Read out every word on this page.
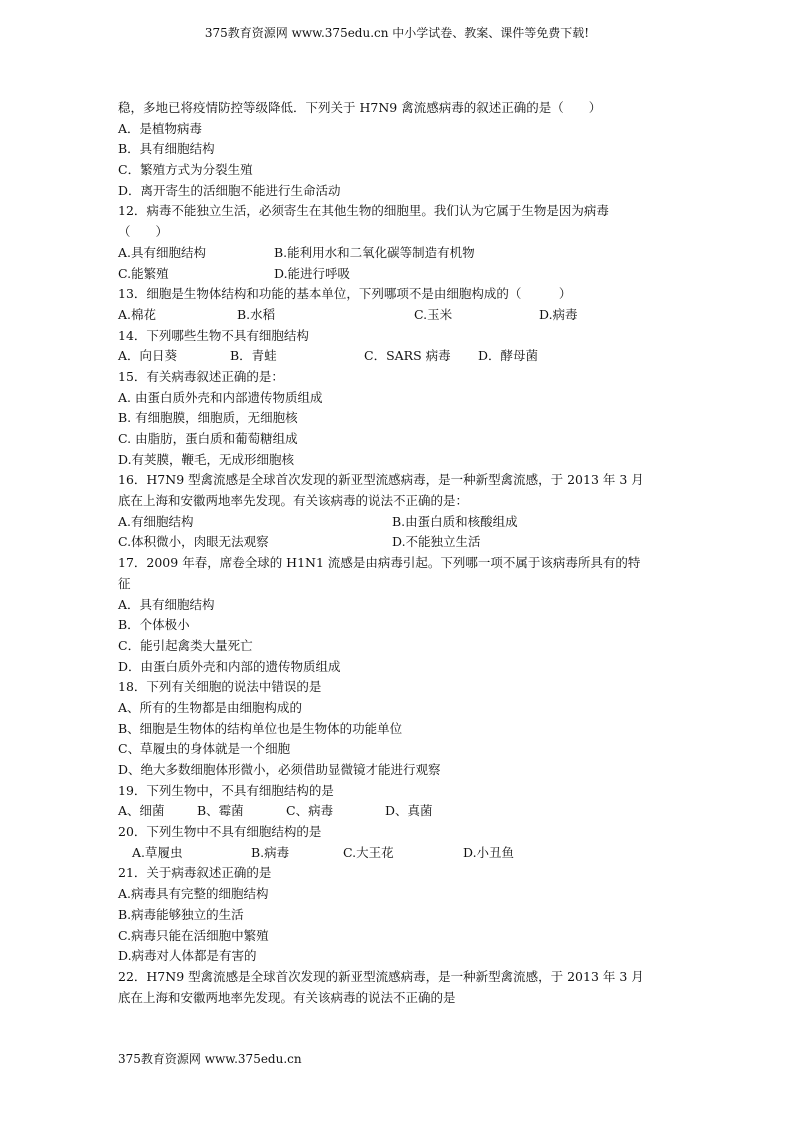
375教育资源网 www.375edu.cn 中小学试卷、教案、课件等免费下载!
稳，多地已将疫情防控等级降低．下列关于 H7N9 禽流感病毒的叙述正确的是（　　）
A．是植物病毒
B．具有细胞结构
C．繁殖方式为分裂生殖
D．离开寄生的活细胞不能进行生命活动
12．病毒不能独立生活，必须寄生在其他生物的细胞里。我们认为它属于生物是因为病毒
（　　）
A.具有细胞结构	B.能利用水和二氧化碳等制造有机物
C.能繁殖	D.能进行呼吸
13．细胞是生物体结构和功能的基本单位，下列哪项不是由细胞构成的（　　　）
A.棉花	B.水稻	C.玉米	D.病毒
14．下列哪些生物不具有细胞结构
A．向日葵	B．青蛙	C．SARS 病毒 D．酵母菌
15．有关病毒叙述正确的是：
A. 由蛋白质外壳和内部遗传物质组成
B. 有细胞膜，细胞质，无细胞核
C. 由脂肪，蛋白质和葡萄糖组成
D.有荚膜，鞭毛，无成形细胞核
16．H7N9 型禽流感是全球首次发现的新亚型流感病毒，是一种新型禽流感，于 2013 年 3 月
底在上海和安徽两地率先发现。有关该病毒的说法不正确的是：
A.有细胞结构	B.由蛋白质和核酸组成
C.体积微小，肉眼无法观察	D.不能独立生活
17．2009 年春，席卷全球的 H1N1 流感是由病毒引起。下列哪一项不属于该病毒所具有的特
征
A．具有细胞结构
B．个体极小
C．能引起禽类大量死亡
D．由蛋白质外壳和内部的遗传物质组成
18．下列有关细胞的说法中错误的是
A、所有的生物都是由细胞构成的
B、细胞是生物体的结构单位也是生物体的功能单位
C、草履虫的身体就是一个细胞
D、绝大多数细胞体形微小，必须借助显微镜才能进行观察
19．下列生物中，不具有细胞结构的是
A、细菌	B、霉菌	C、病毒	D、真菌
20．下列生物中不具有细胞结构的是
A.草履虫	B.病毒	C.大王花	D.小丑鱼
21．关于病毒叙述正确的是
A.病毒具有完整的细胞结构
B.病毒能够独立的生活
C.病毒只能在活细胞中繁殖
D.病毒对人体都是有害的
22．H7N9 型禽流感是全球首次发现的新亚型流感病毒，是一种新型禽流感，于 2013 年 3 月
底在上海和安徽两地率先发现。有关该病毒的说法不正确的是
375教育资源网 www.375edu.cn
